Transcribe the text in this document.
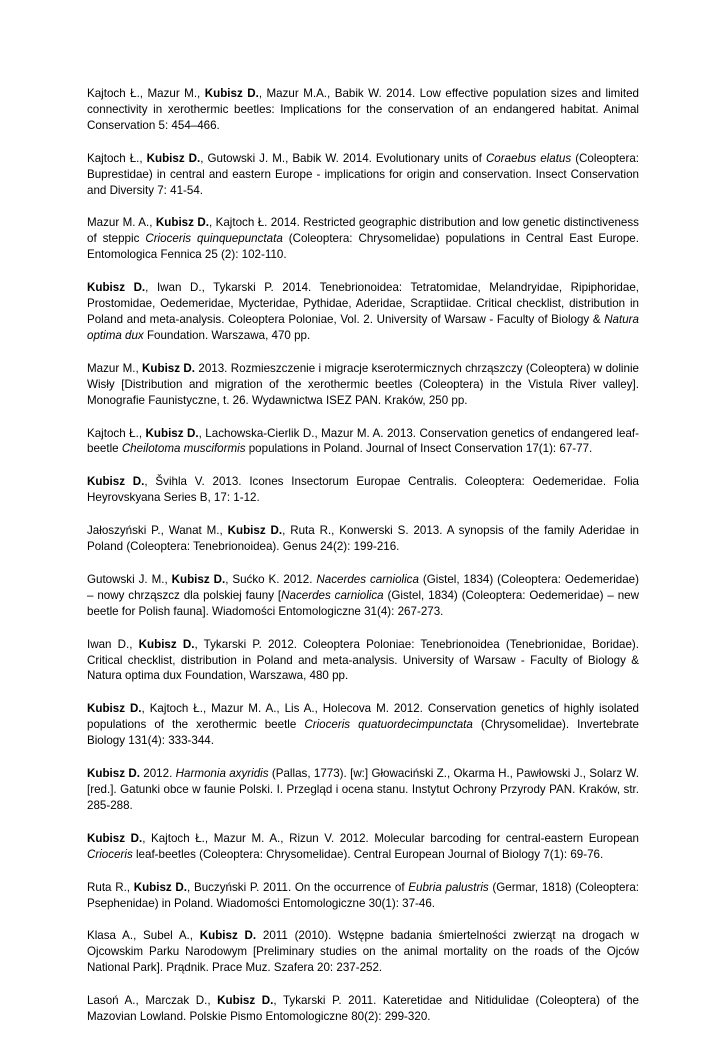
Kajtoch Ł., Mazur M., Kubisz D., Mazur M.A., Babik W. 2014. Low effective population sizes and limited connectivity in xerothermic beetles: Implications for the conservation of an endangered habitat. Animal Conservation 5: 454–466.

Kajtoch Ł., Kubisz D., Gutowski J. M., Babik W. 2014. Evolutionary units of Coraebus elatus (Coleoptera: Buprestidae) in central and eastern Europe - implications for origin and conservation. Insect Conservation and Diversity 7: 41-54.

Mazur M. A., Kubisz D., Kajtoch Ł. 2014. Restricted geographic distribution and low genetic distinctiveness of steppic Crioceris quinquepunctata (Coleoptera: Chrysomelidae) populations in Central East Europe. Entomologica Fennica 25 (2): 102-110.

Kubisz D., Iwan D., Tykarski P. 2014. Tenebrionoidea: Tetratomidae, Melandryidae, Ripiphoridae, Prostomidae, Oedemeridae, Mycteridae, Pythidae, Aderidae, Scraptiidae. Critical checklist, distribution in Poland and meta-analysis. Coleoptera Poloniae, Vol. 2. University of Warsaw - Faculty of Biology & Natura optima dux Foundation. Warszawa, 470 pp.

Mazur M., Kubisz D. 2013. Rozmieszczenie i migracje kserotermicznych chrząszczy (Coleoptera) w dolinie Wisły [Distribution and migration of the xerothermic beetles (Coleoptera) in the Vistula River valley]. Monografie Faunistyczne, t. 26. Wydawnictwa ISEZ PAN. Kraków, 250 pp.

Kajtoch Ł., Kubisz D., Lachowska-Cierlik D., Mazur M. A. 2013. Conservation genetics of endangered leaf-beetle Cheilotoma musciformis populations in Poland. Journal of Insect Conservation 17(1): 67-77.

Kubisz D., Švihla V. 2013. Icones Insectorum Europae Centralis. Coleoptera: Oedemeridae. Folia Heyrovskyana Series B, 17: 1-12.

Jałoszyński P., Wanat M., Kubisz D., Ruta R., Konwerski S. 2013. A synopsis of the family Aderidae in Poland (Coleoptera: Tenebrionoidea). Genus 24(2): 199-216.

Gutowski J. M., Kubisz D., Sućko K. 2012. Nacerdes carniolica (Gistel, 1834) (Coleoptera: Oedemeridae) – nowy chrząszcz dla polskiej fauny [Nacerdes carniolica (Gistel, 1834) (Coleoptera: Oedemeridae) – new beetle for Polish fauna]. Wiadomości Entomologiczne 31(4): 267-273.

Iwan D., Kubisz D., Tykarski P. 2012. Coleoptera Poloniae: Tenebrionoidea (Tenebrionidae, Boridae). Critical checklist, distribution in Poland and meta-analysis. University of Warsaw - Faculty of Biology & Natura optima dux Foundation, Warszawa, 480 pp.

Kubisz D., Kajtoch Ł., Mazur M. A., Lis A., Holecova M. 2012. Conservation genetics of highly isolated populations of the xerothermic beetle Crioceris quatuordecimpunctata (Chrysomelidae). Invertebrate Biology 131(4): 333-344.

Kubisz D. 2012. Harmonia axyridis (Pallas, 1773). [w:] Głowaciński Z., Okarma H., Pawłowski J., Solarz W. [red.]. Gatunki obce w faunie Polski. I. Przegląd i ocena stanu. Instytut Ochrony Przyrody PAN. Kraków, str. 285-288.

Kubisz D., Kajtoch Ł., Mazur M. A., Rizun V. 2012. Molecular barcoding for central-eastern European Crioceris leaf-beetles (Coleoptera: Chrysomelidae). Central European Journal of Biology 7(1): 69-76.

Ruta R., Kubisz D., Buczyński P. 2011. On the occurrence of Eubria palustris (Germar, 1818) (Coleoptera: Psephenidae) in Poland. Wiadomości Entomologiczne 30(1): 37-46.

Klasa A., Subel A., Kubisz D. 2011 (2010). Wstępne badania śmiertelności zwierząt na drogach w Ojcowskim Parku Narodowym [Preliminary studies on the animal mortality on the roads of the Ojców National Park]. Prądnik. Prace Muz. Szafera 20: 237-252.

Lasoń A., Marczak D., Kubisz D., Tykarski P. 2011. Kateretidae and Nitidulidae (Coleoptera) of the Mazovian Lowland. Polskie Pismo Entomologiczne 80(2): 299-320.
